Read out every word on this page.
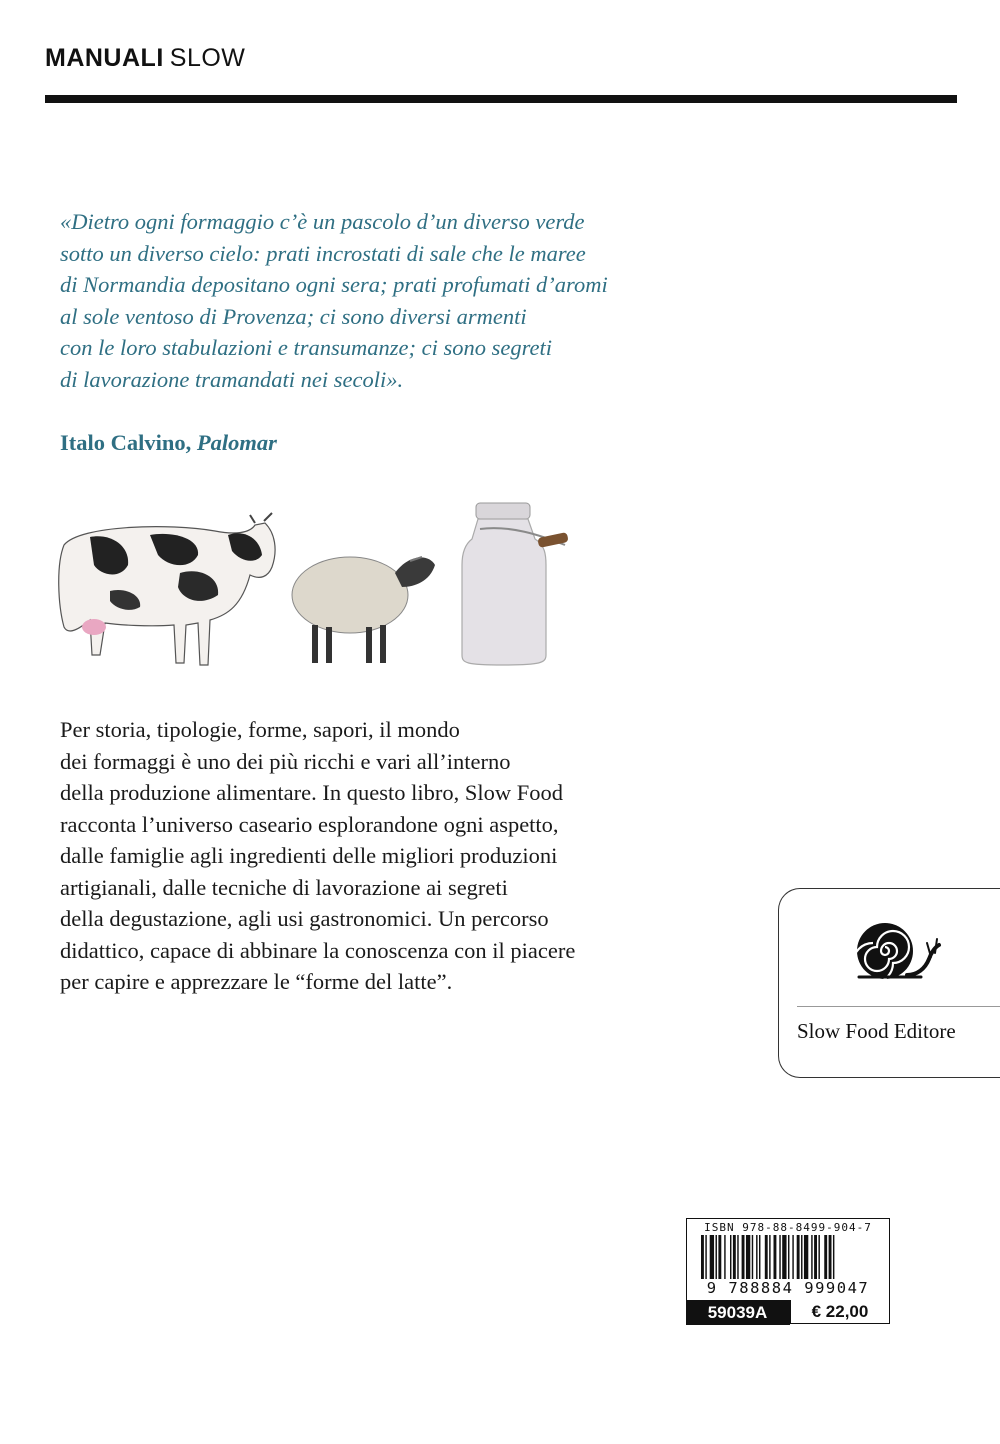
MANUALI SLOW
«Dietro ogni formaggio c’è un pascolo d’un diverso verde
sotto un diverso cielo: prati incrostati di sale che le maree
di Normandia depositano ogni sera; prati profumati d’aromi
al sole ventoso di Provenza; ci sono diversi armenti
con le loro stabulazioni e transumanze; ci sono segreti
di lavorazione tramandati nei secoli».
Italo Calvino, Palomar
Per storia, tipologie, forme, sapori, il mondo
dei formaggi è uno dei più ricchi e vari all’interno
della produzione alimentare. In questo libro, Slow Food
racconta l’universo caseario esplorandone ogni aspetto,
dalle famiglie agli ingredienti delle migliori produzioni
artigianali, dalle tecniche di lavorazione ai segreti
della degustazione, agli usi gastronomici. Un percorso
didattico, capace di abbinare la conoscenza con il piacere
per capire e apprezzare le “forme del latte”.
Slow Food Editore
ISBN 978-88-8499-904-7
9 788884 999047
59039A	€ 22,00
